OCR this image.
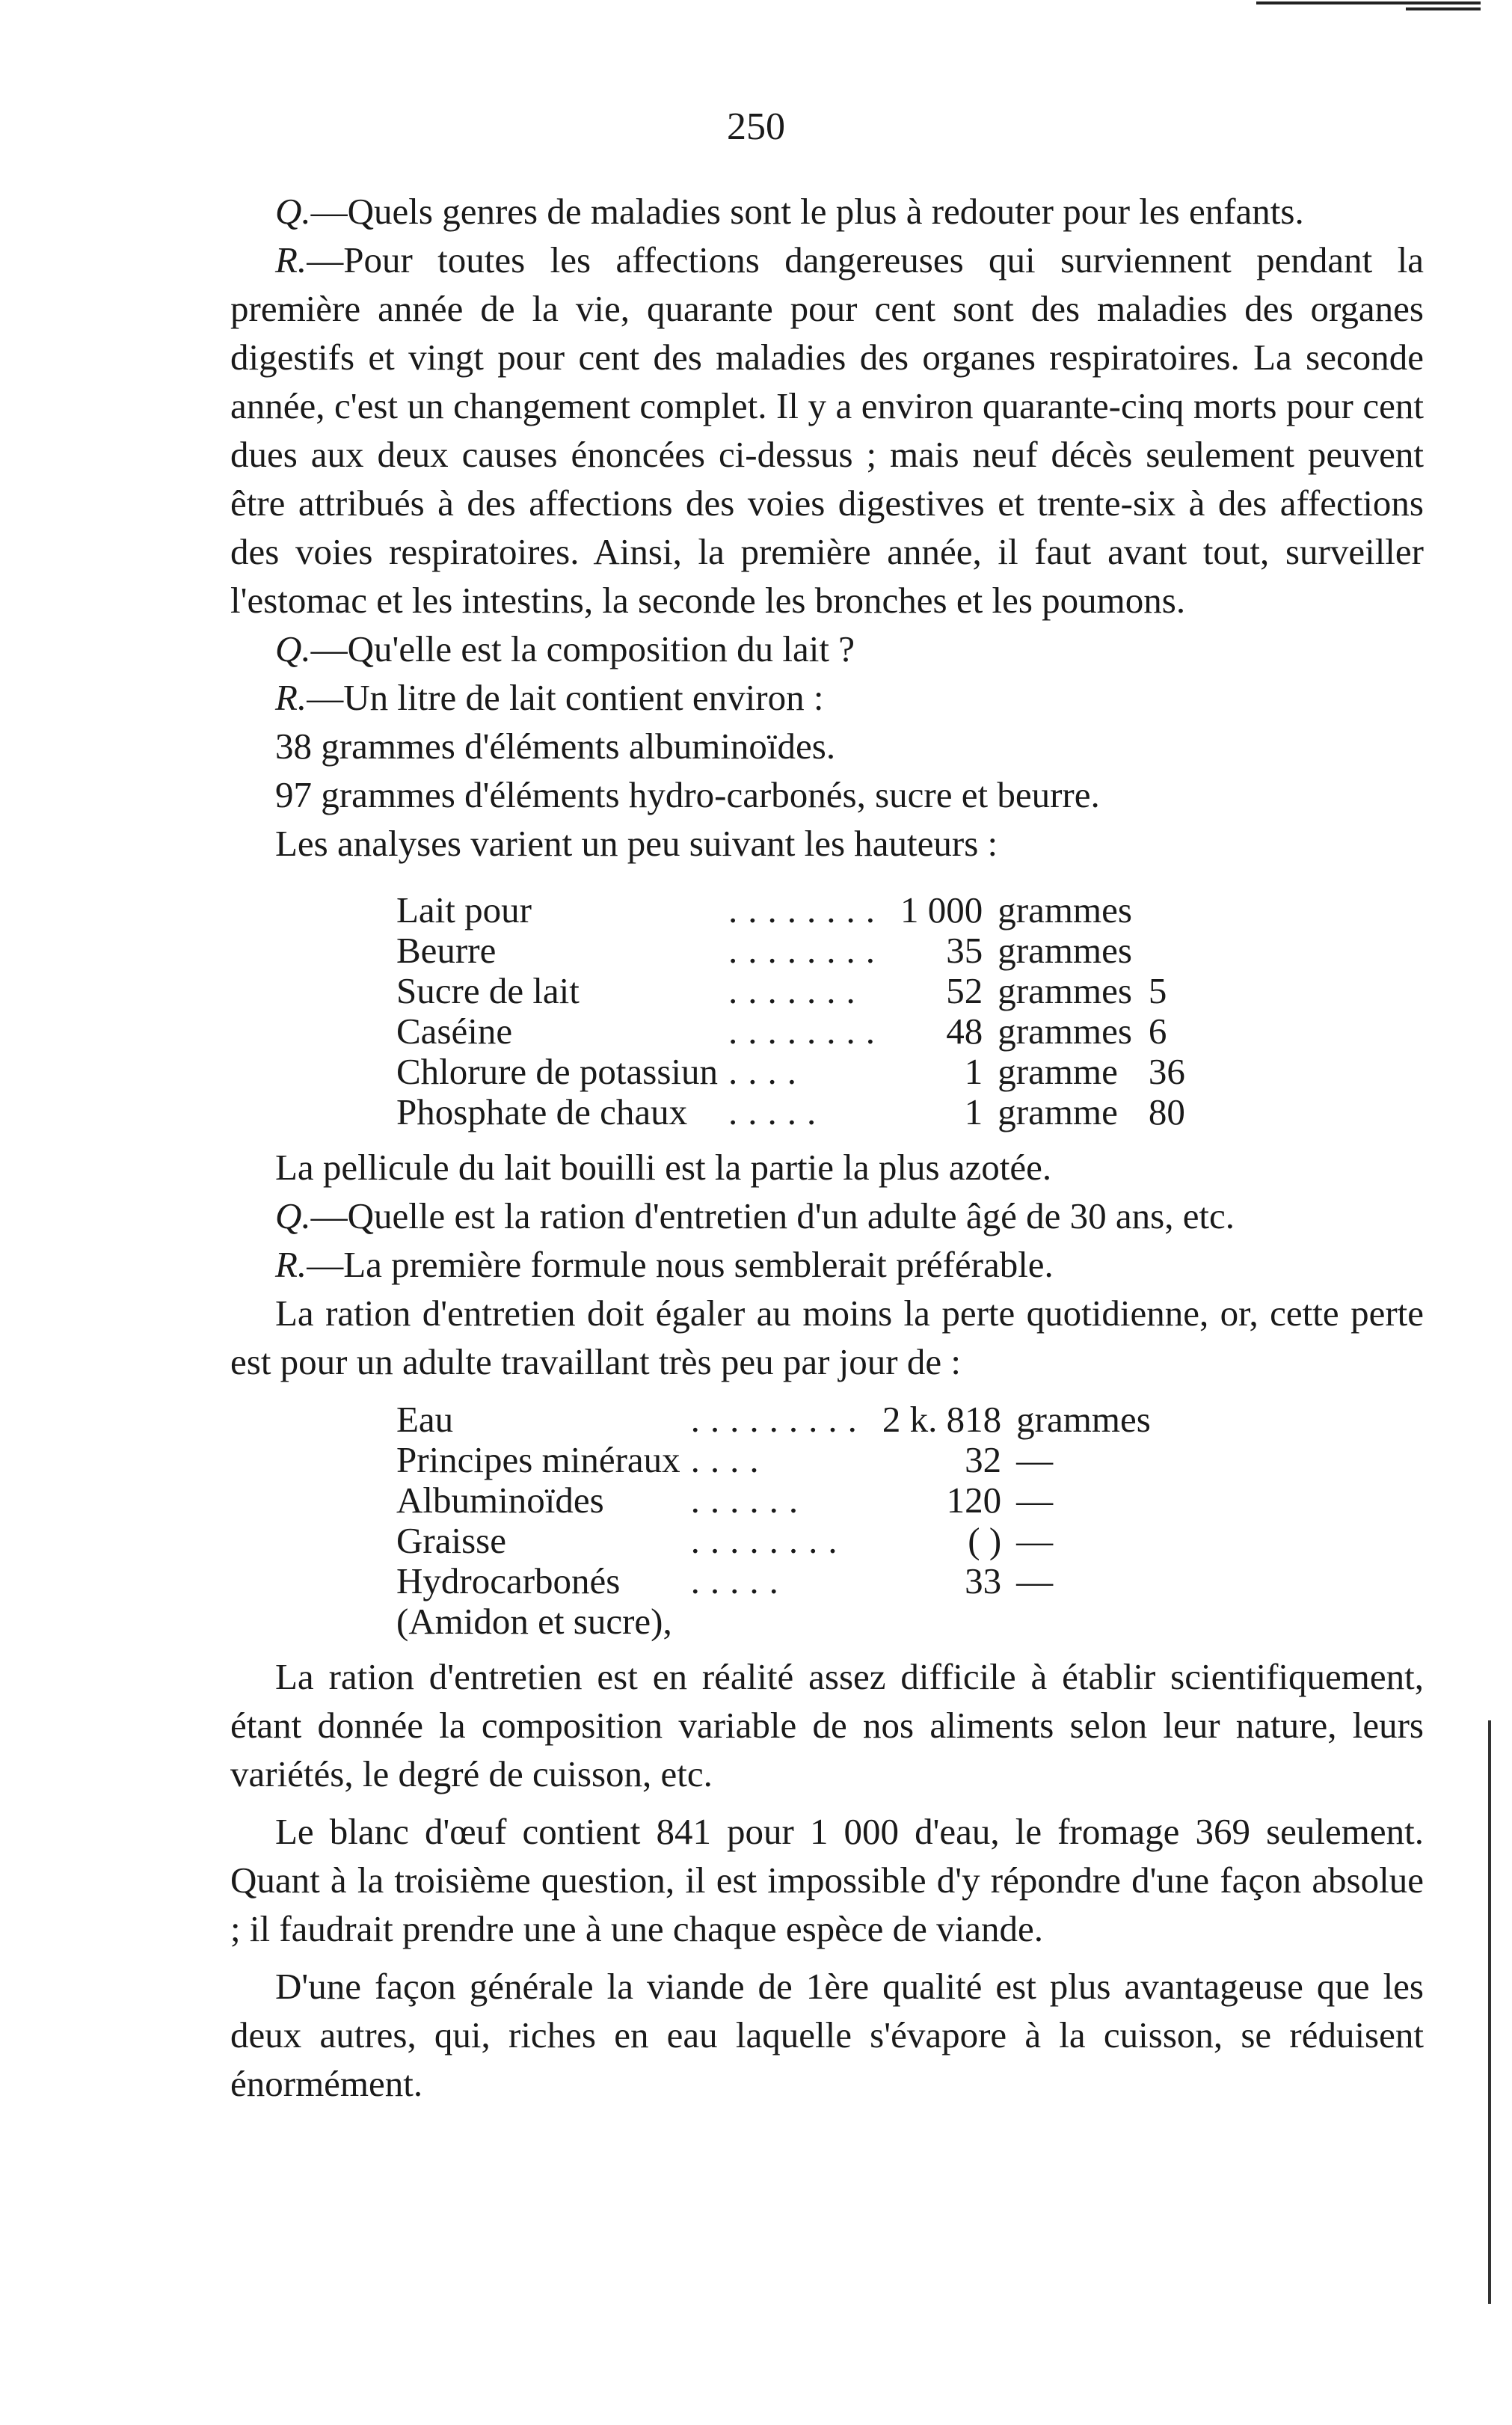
250

Q.—Quels genres de maladies sont le plus à redouter pour les enfants.

R.—Pour toutes les affections dangereuses qui surviennent pendant la première année de la vie, quarante pour cent sont des maladies des organes digestifs et vingt pour cent des maladies des organes respiratoires. La seconde année, c'est un changement complet. Il y a environ quarante-cinq morts pour cent dues aux deux causes énoncées ci-dessus ; mais neuf décès seulement peuvent être attribués à des affections des voies digestives et trente-six à des affections des voies respiratoires. Ainsi, la première année, il faut avant tout, surveiller l'estomac et les intestins, la seconde les bronches et les poumons.

Q.—Qu'elle est la composition du lait ?

R.—Un litre de lait contient environ :

38 grammes d'éléments albuminoïdes.

97 grammes d'éléments hydro-carbonés, sucre et beurre.

Les analyses varient un peu suivant les hauteurs :

Lait pour	........	1 000	grammes	
Beurre	........	35	grammes	
Sucre de lait	.......	52	grammes	5
Caséine	........	48	grammes	6
Chlorure de potassiun	....	1	gramme	36
Phosphate de chaux	.....	1	gramme	80

La pellicule du lait bouilli est la partie la plus azotée.

Q.—Quelle est la ration d'entretien d'un adulte âgé de 30 ans, etc.

R.—La première formule nous semblerait préférable.

La ration d'entretien doit égaler au moins la perte quotidienne, or, cette perte est pour un adulte travaillant très peu par jour de :

Eau	.........	2 k. 818	grammes
Principes minéraux	....	32	—
Albuminoïdes	......	120	—
Graisse	........	( )	—
Hydrocarbonés	.....	33	—
(Amidon et sucre),

La ration d'entretien est en réalité assez difficile à établir scientifiquement, étant donnée la composition variable de nos aliments selon leur nature, leurs variétés, le degré de cuisson, etc.

Le blanc d'œuf contient 841 pour 1 000 d'eau, le fromage 369 seulement. Quant à la troisième question, il est impossible d'y répondre d'une façon absolue ; il faudrait prendre une à une chaque espèce de viande.

D'une façon générale la viande de 1ère qualité est plus avantageuse que les deux autres, qui, riches en eau laquelle s'évapore à la cuisson, se réduisent énormément.
